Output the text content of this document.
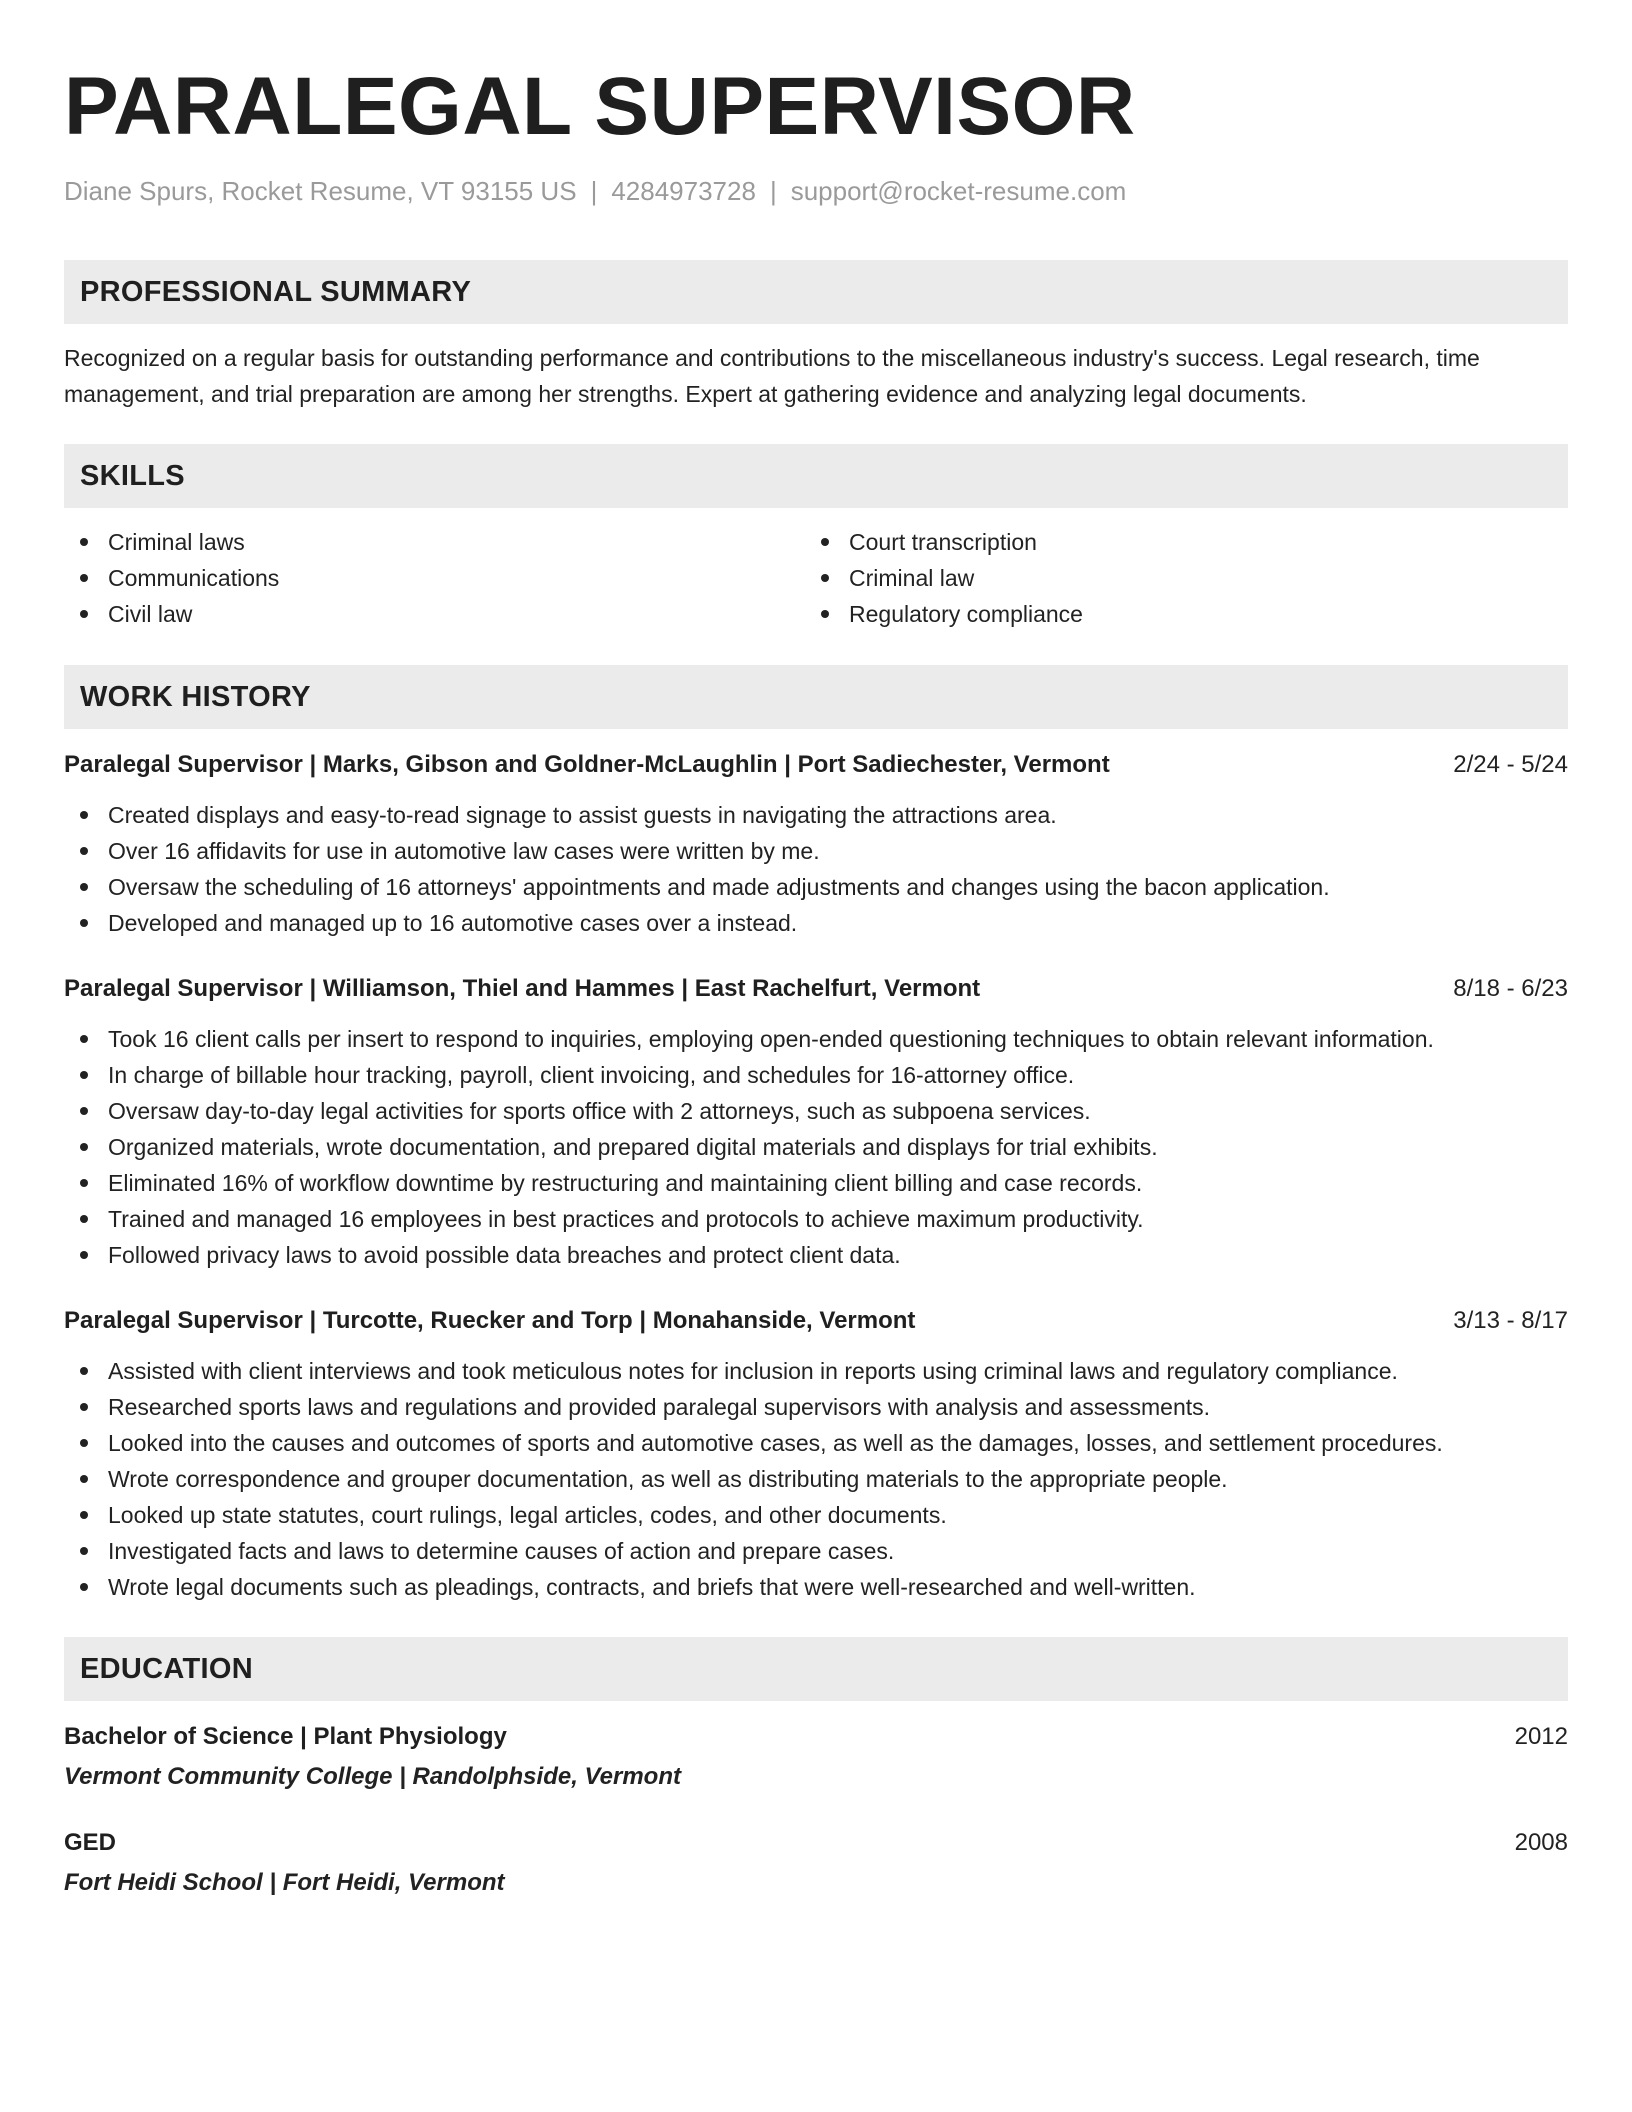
PARALEGAL SUPERVISOR
Diane Spurs, Rocket Resume, VT 93155 US | 4284973728 | support@rocket-resume.com
PROFESSIONAL SUMMARY
Recognized on a regular basis for outstanding performance and contributions to the miscellaneous industry's success. Legal research, time management, and trial preparation are among her strengths. Expert at gathering evidence and analyzing legal documents.
SKILLS
Criminal laws
Communications
Civil law
Court transcription
Criminal law
Regulatory compliance
WORK HISTORY
Paralegal Supervisor | Marks, Gibson and Goldner-McLaughlin | Port Sadiechester, Vermont	2/24 - 5/24
Created displays and easy-to-read signage to assist guests in navigating the attractions area.
Over 16 affidavits for use in automotive law cases were written by me.
Oversaw the scheduling of 16 attorneys' appointments and made adjustments and changes using the bacon application.
Developed and managed up to 16 automotive cases over a instead.
Paralegal Supervisor | Williamson, Thiel and Hammes | East Rachelfurt, Vermont	8/18 - 6/23
Took 16 client calls per insert to respond to inquiries, employing open-ended questioning techniques to obtain relevant information.
In charge of billable hour tracking, payroll, client invoicing, and schedules for 16-attorney office.
Oversaw day-to-day legal activities for sports office with 2 attorneys, such as subpoena services.
Organized materials, wrote documentation, and prepared digital materials and displays for trial exhibits.
Eliminated 16% of workflow downtime by restructuring and maintaining client billing and case records.
Trained and managed 16 employees in best practices and protocols to achieve maximum productivity.
Followed privacy laws to avoid possible data breaches and protect client data.
Paralegal Supervisor | Turcotte, Ruecker and Torp | Monahanside, Vermont	3/13 - 8/17
Assisted with client interviews and took meticulous notes for inclusion in reports using criminal laws and regulatory compliance.
Researched sports laws and regulations and provided paralegal supervisors with analysis and assessments.
Looked into the causes and outcomes of sports and automotive cases, as well as the damages, losses, and settlement procedures.
Wrote correspondence and grouper documentation, as well as distributing materials to the appropriate people.
Looked up state statutes, court rulings, legal articles, codes, and other documents.
Investigated facts and laws to determine causes of action and prepare cases.
Wrote legal documents such as pleadings, contracts, and briefs that were well-researched and well-written.
EDUCATION
Bachelor of Science | Plant Physiology	2012
Vermont Community College | Randolphside, Vermont
GED	2008
Fort Heidi School | Fort Heidi, Vermont
